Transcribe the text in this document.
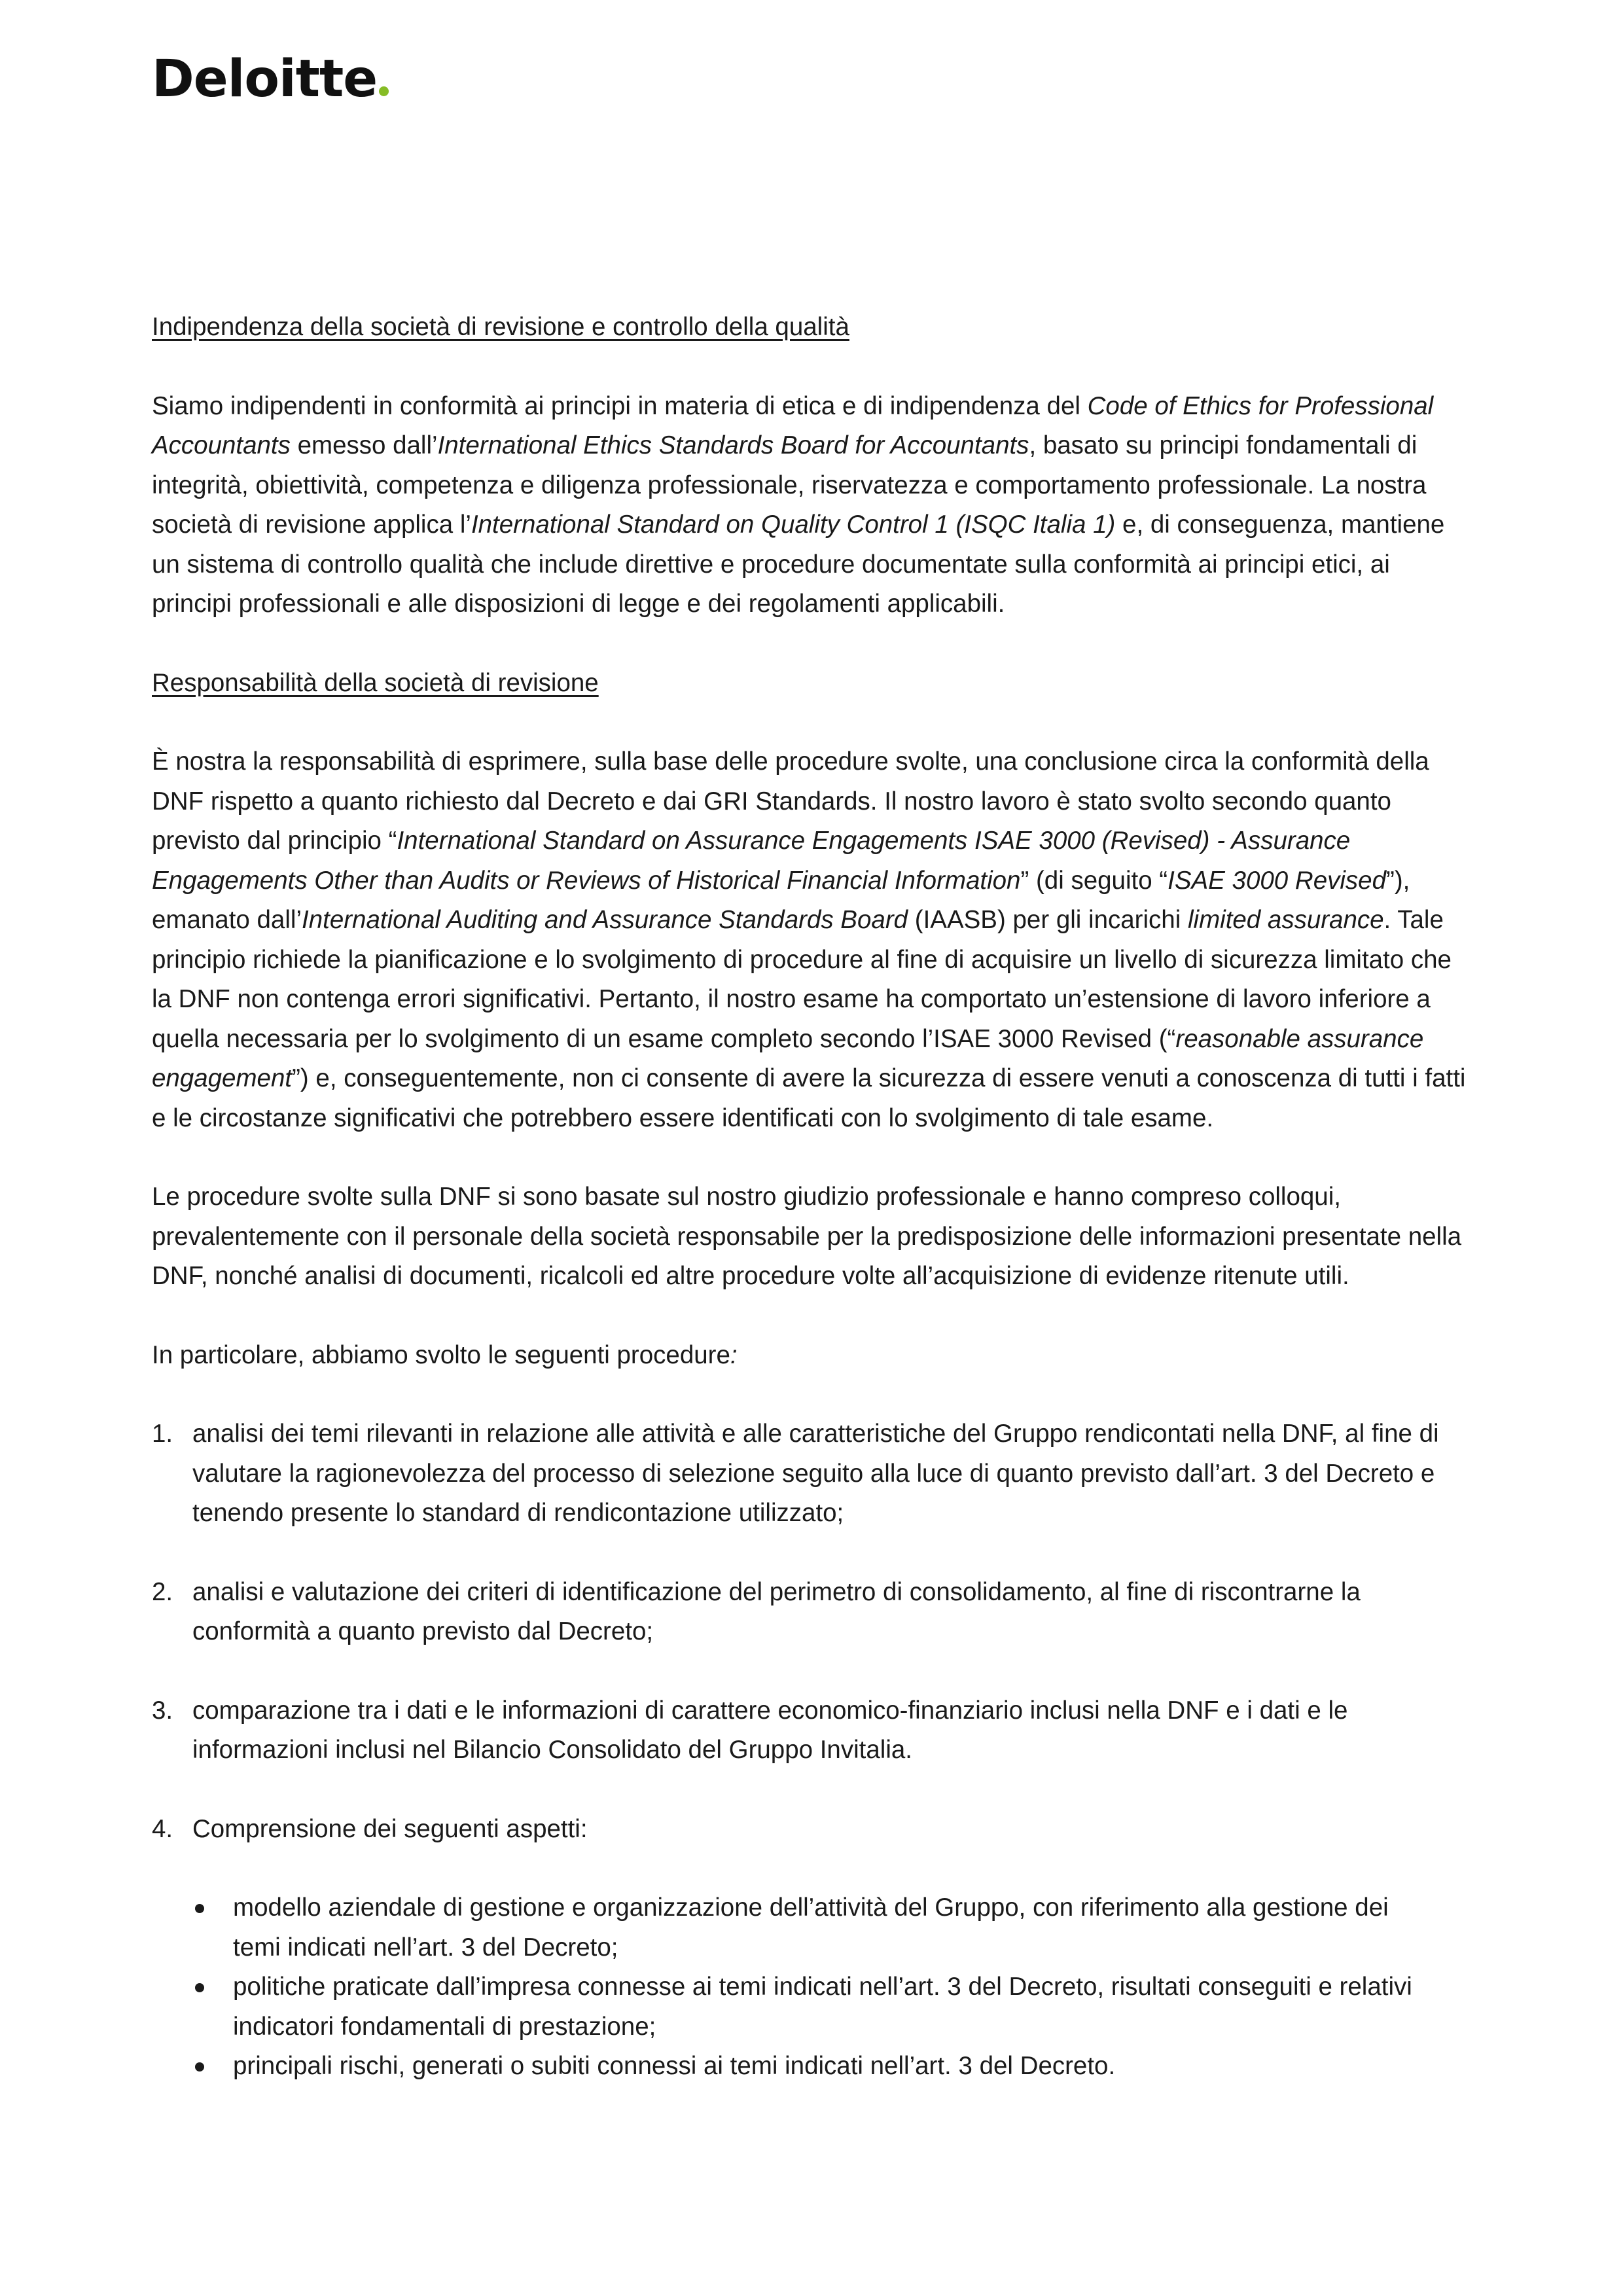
Deloitte
Indipendenza della società di revisione e controllo della qualità

Siamo indipendenti in conformità ai principi in materia di etica e di indipendenza del Code of Ethics for Professional Accountants emesso dall’International Ethics Standards Board for Accountants, basato su principi fondamentali di integrità, obiettività, competenza e diligenza professionale, riservatezza e comportamento professionale. La nostra società di revisione applica l’International Standard on Quality Control 1 (ISQC Italia 1) e, di conseguenza, mantiene un sistema di controllo qualità che include direttive e procedure documentate sulla conformità ai principi etici, ai principi professionali e alle disposizioni di legge e dei regolamenti applicabili.

Responsabilità della società di revisione

È nostra la responsabilità di esprimere, sulla base delle procedure svolte, una conclusione circa la conformità della DNF rispetto a quanto richiesto dal Decreto e dai GRI Standards. Il nostro lavoro è stato svolto secondo quanto previsto dal principio “International Standard on Assurance Engagements ISAE 3000 (Revised) - Assurance Engagements Other than Audits or Reviews of Historical Financial Information” (di seguito “ISAE 3000 Revised”), emanato dall’International Auditing and Assurance Standards Board (IAASB) per gli incarichi limited assurance. Tale principio richiede la pianificazione e lo svolgimento di procedure al fine di acquisire un livello di sicurezza limitato che la DNF non contenga errori significativi. Pertanto, il nostro esame ha comportato un’estensione di lavoro inferiore a quella necessaria per lo svolgimento di un esame completo secondo l’ISAE 3000 Revised (“reasonable assurance engagement”) e, conseguentemente, non ci consente di avere la sicurezza di essere venuti a conoscenza di tutti i fatti e le circostanze significativi che potrebbero essere identificati con lo svolgimento di tale esame.

Le procedure svolte sulla DNF si sono basate sul nostro giudizio professionale e hanno compreso colloqui, prevalentemente con il personale della società responsabile per la predisposizione delle informazioni presentate nella DNF, nonché analisi di documenti, ricalcoli ed altre procedure volte all’acquisizione di evidenze ritenute utili.

In particolare, abbiamo svolto le seguenti procedure:

1. analisi dei temi rilevanti in relazione alle attività e alle caratteristiche del Gruppo rendicontati nella DNF, al fine di valutare la ragionevolezza del processo di selezione seguito alla luce di quanto previsto dall’art. 3 del Decreto e tenendo presente lo standard di rendicontazione utilizzato;
2. analisi e valutazione dei criteri di identificazione del perimetro di consolidamento, al fine di riscontrarne la conformità a quanto previsto dal Decreto;
3. comparazione tra i dati e le informazioni di carattere economico-finanziario inclusi nella DNF e i dati e le informazioni inclusi nel Bilancio Consolidato del Gruppo Invitalia.
4. Comprensione dei seguenti aspetti:
modello aziendale di gestione e organizzazione dell’attività del Gruppo, con riferimento alla gestione dei temi indicati nell’art. 3 del Decreto;
politiche praticate dall’impresa connesse ai temi indicati nell’art. 3 del Decreto, risultati conseguiti e relativi indicatori fondamentali di prestazione;
principali rischi, generati o subiti connessi ai temi indicati nell’art. 3 del Decreto.
